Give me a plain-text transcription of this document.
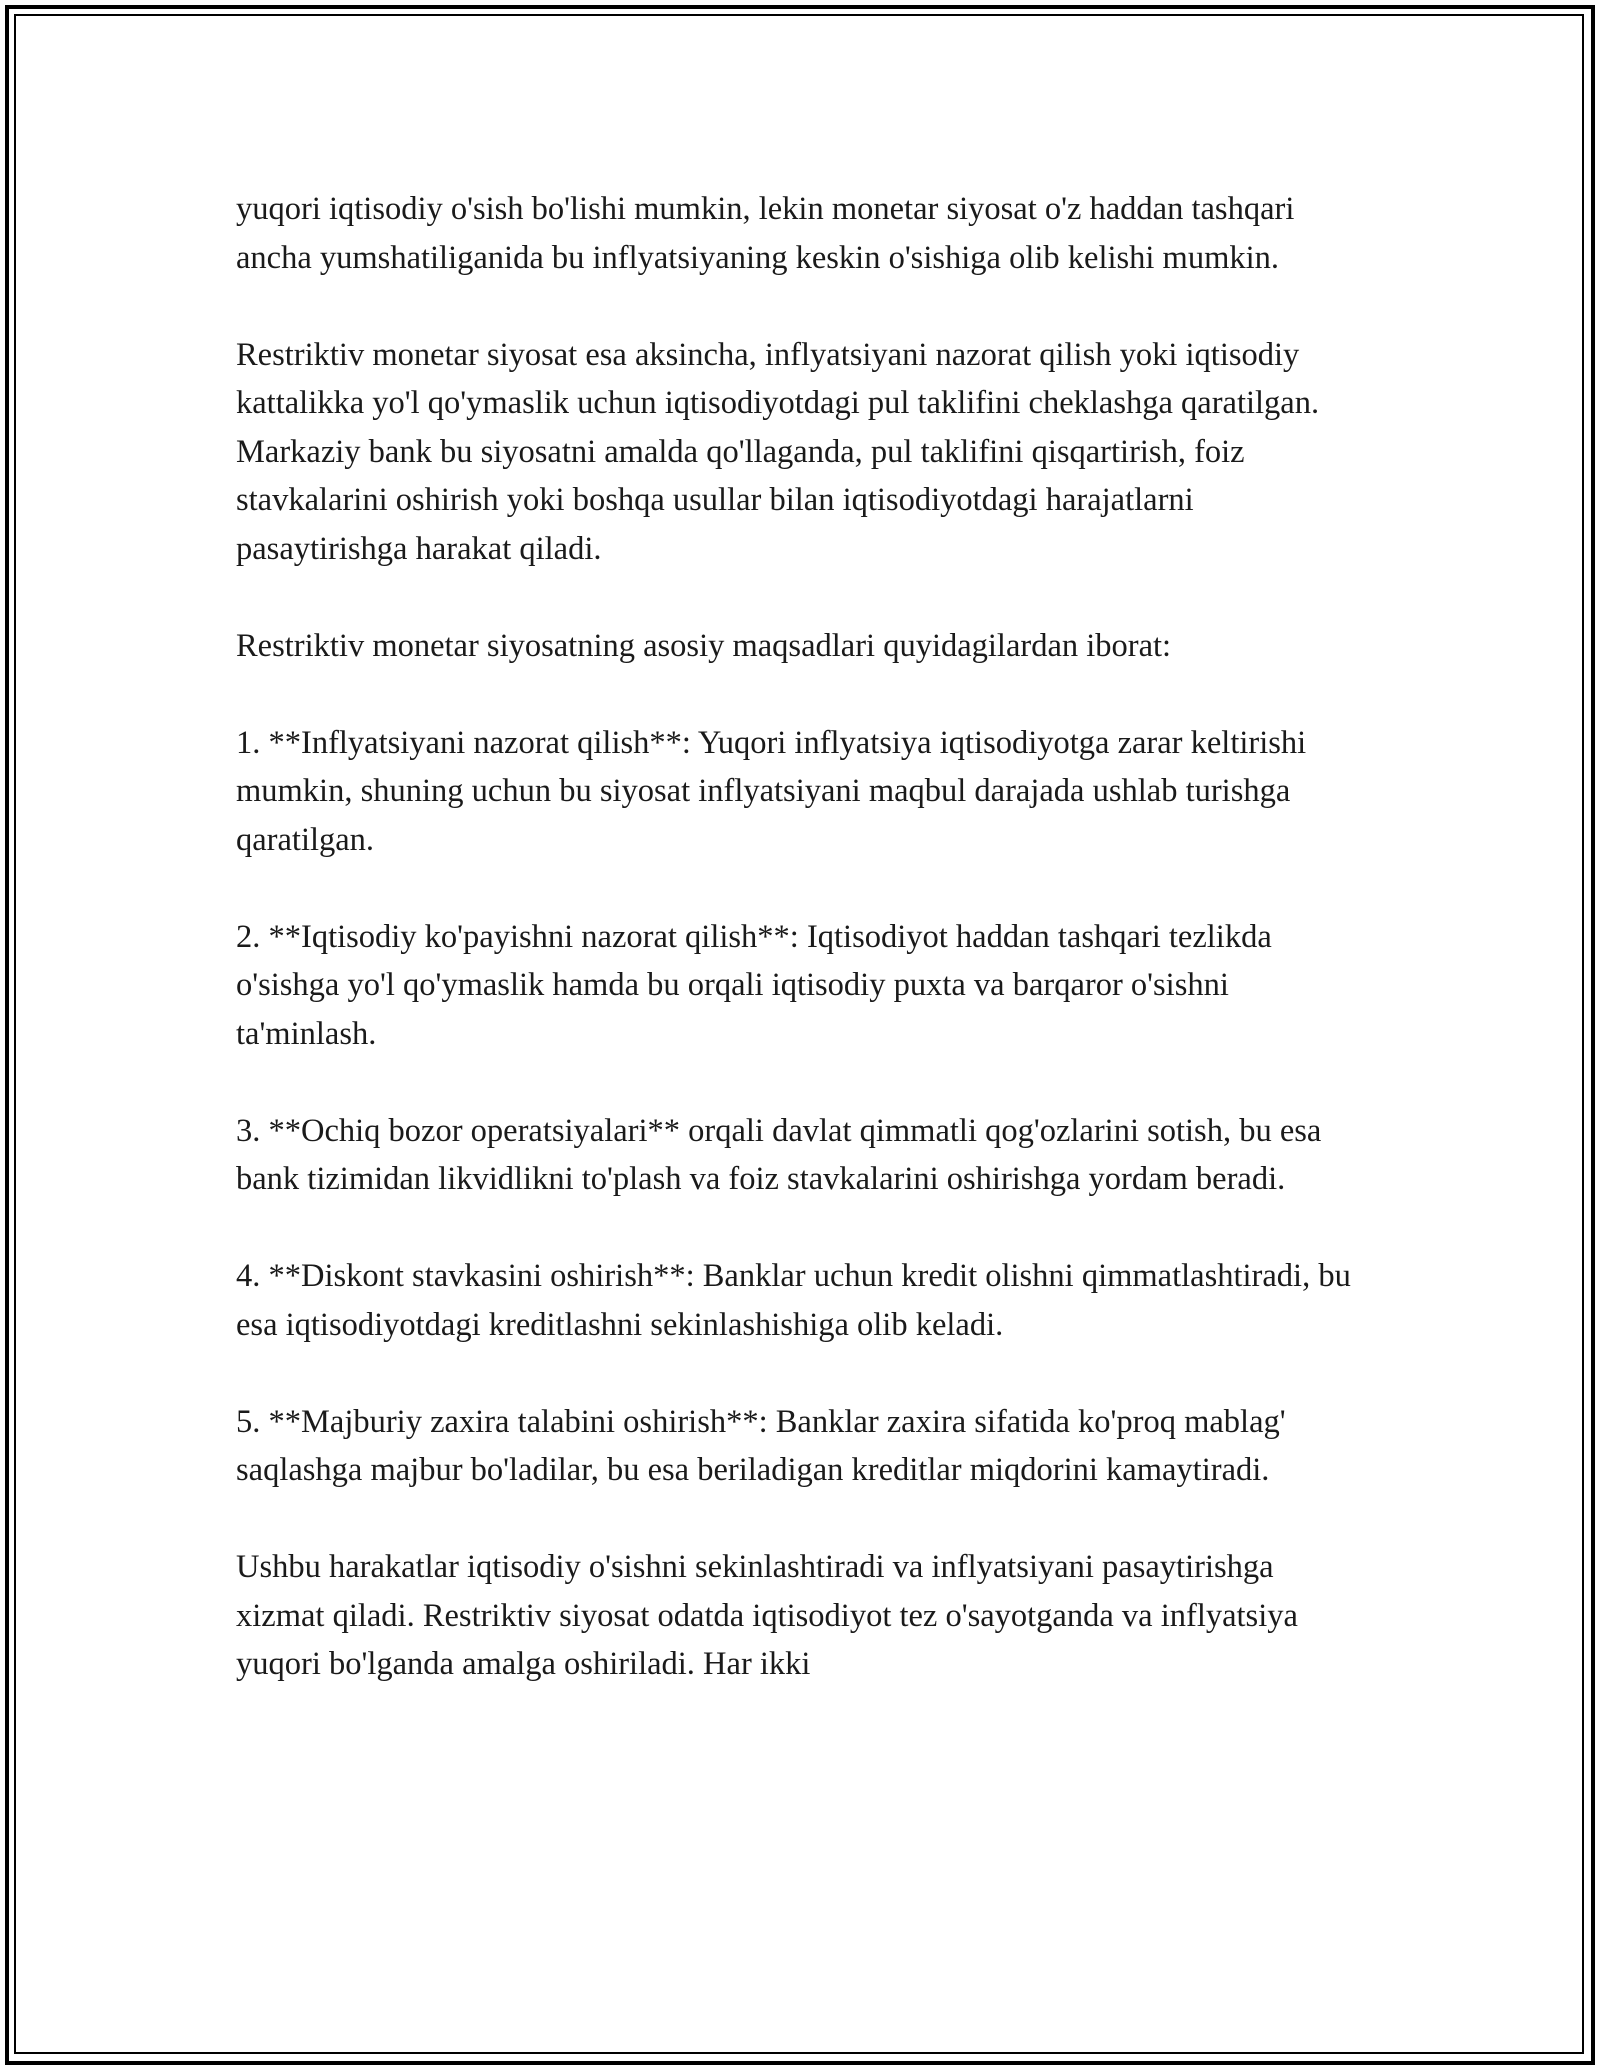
yuqori iqtisodiy o's​ish bo'lishi mumkin, lekin monetar siyosat o'z haddan tashqari ancha yumshatiliganida bu inflyatsiyaning keskin o'sishiga olib kelishi mumkin.

Restriktiv monetar siyosat esa aksincha, inflyatsiyani nazorat qilish yoki iqtisodiy kattalikka yo'l qo'ymaslik uchun iqtisodiyotdagi pul taklifini cheklashga qaratilgan. Markaziy bank bu siyosatni amalda qo'llaganda, pul taklifini qisqartirish, foiz stavkalarini oshirish yoki boshqa usullar bilan iqtisodiyotdagi harajatlarni pasaytirishga harakat qiladi.

Restriktiv monetar siyosatning asosiy maqsadlari quyidagilardan iborat:

1. **Inflyatsiyani nazorat qilish**: Yuqori inflyatsiya iqtisodiyotga zarar keltirishi mumkin, shuning uchun bu siyosat inflyatsiyani maqbul darajada ushlab turishga qaratilgan.

2. **Iqtisodiy ko'payishni nazorat qilish**: Iqtisodiyot haddan tashqari tezlikda o'sishga yo'l qo'ymaslik hamda bu orqali iqtisodiy puxta va barqaror o'sishni ta'minlash.

3. **Ochiq bozor operatsiyalari** orqali davlat qimmatli qog'ozlarini sotish, bu esa bank tizimidan likvidlikni to'plash va foiz stavkalarini oshirishga yordam beradi.

4. **Diskont stavkasini oshirish**: Banklar uchun kredit olishni qimmatlashtiradi, bu esa iqtisodiyotdagi kreditlashni sekinlashishiga olib keladi.

5. **Majburiy zaxira talabini oshirish**: Banklar zaxira sifatida ko'proq mablag' saqlashga majbur bo'ladilar, bu esa beriladigan kreditlar miqdorini kamaytiradi.

Ushbu harakatlar iqtisodiy o'sishni sekinlashtiradi va inflyatsiyani pasaytirishga xizmat qiladi. Restriktiv siyosat odatda iqtisodiyot tez o'sayotganda va inflyatsiya yuqori bo'lganda amalga oshiriladi. Har ikki
